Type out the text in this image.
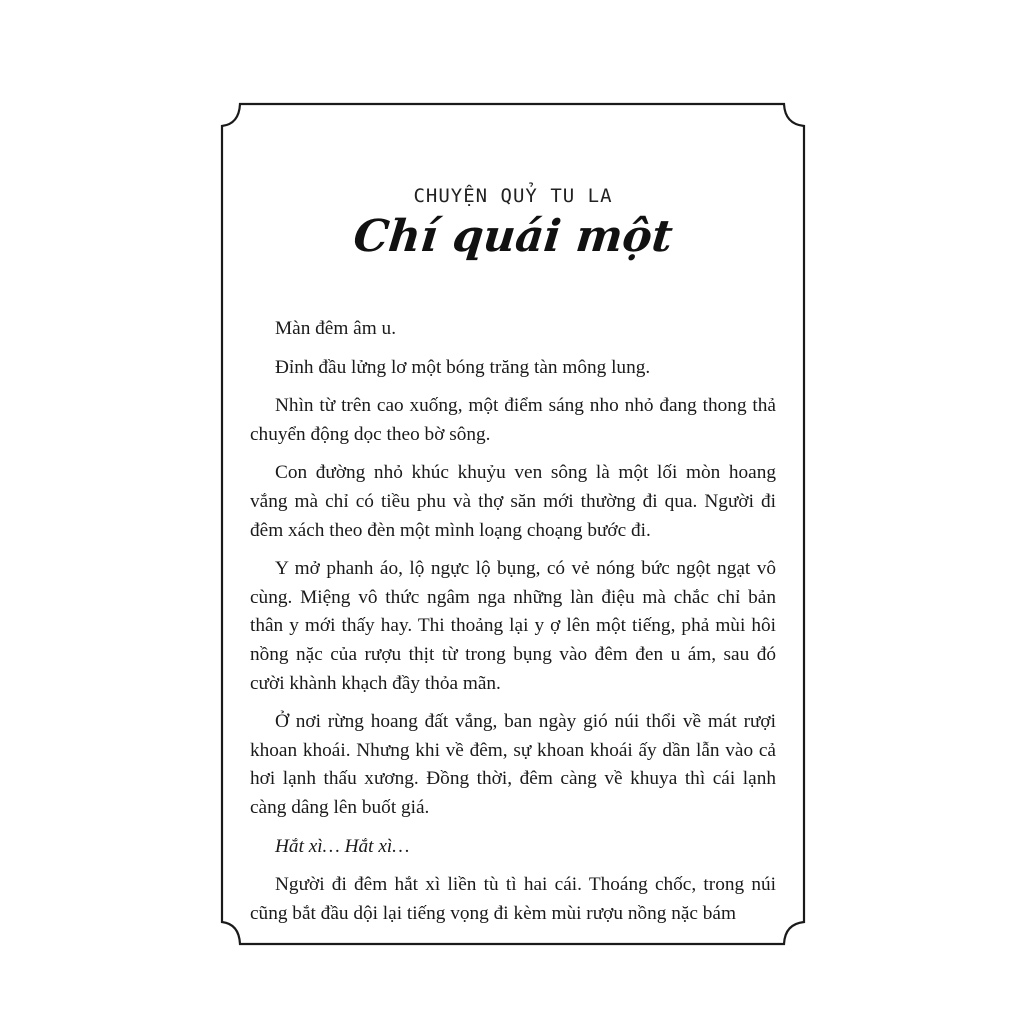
CHUYỆN QUỶ TU LA
Chí quái một

Màn đêm âm u.

Đỉnh đầu lửng lơ một bóng trăng tàn mông lung.

Nhìn từ trên cao xuống, một điểm sáng nho nhỏ đang thong thả chuyển động dọc theo bờ sông.

Con đường nhỏ khúc khuỷu ven sông là một lối mòn hoang vắng mà chỉ có tiều phu và thợ săn mới thường đi qua. Người đi đêm xách theo đèn một mình loạng choạng bước đi.

Y mở phanh áo, lộ ngực lộ bụng, có vẻ nóng bức ngột ngạt vô cùng. Miệng vô thức ngâm nga những làn điệu mà chắc chỉ bản thân y mới thấy hay. Thi thoảng lại y ợ lên một tiếng, phả mùi hôi nồng nặc của rượu thịt từ trong bụng vào đêm đen u ám, sau đó cười khành khạch đầy thỏa mãn.

Ở nơi rừng hoang đất vắng, ban ngày gió núi thổi về mát rượi khoan khoái. Nhưng khi về đêm, sự khoan khoái ấy dần lẫn vào cả hơi lạnh thấu xương. Đồng thời, đêm càng về khuya thì cái lạnh càng dâng lên buốt giá.

Hắt xì… Hắt xì…

Người đi đêm hắt xì liền tù tì hai cái. Thoáng chốc, trong núi cũng bắt đầu dội lại tiếng vọng đi kèm mùi rượu nồng nặc bám
